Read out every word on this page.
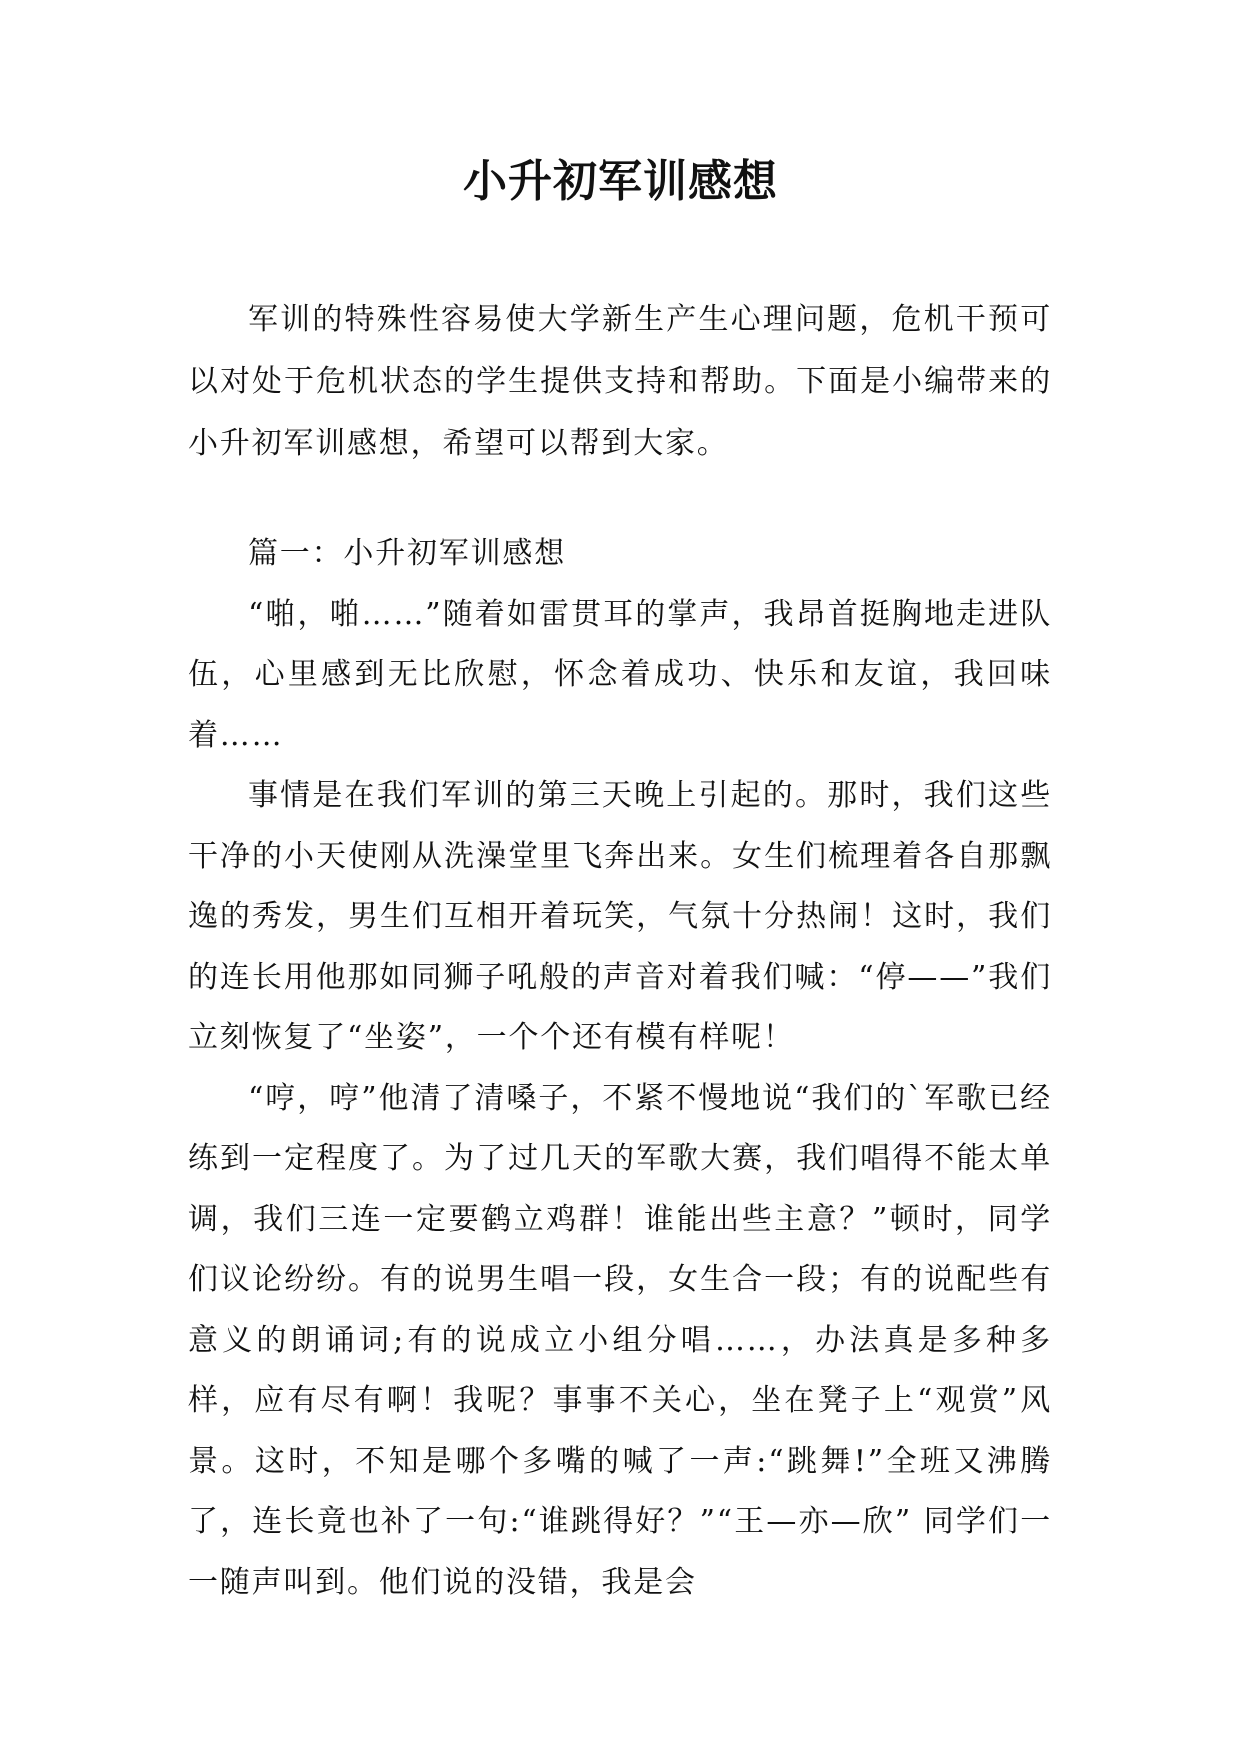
小升初军训感想

军训的特殊性容易使大学新生产生心理问题，危机干预可以对处于危机状态的学生提供支持和帮助。下面是小编带来的小升初军训感想，希望可以帮到大家。

篇一：小升初军训感想

“啪，啪……”随着如雷贯耳的掌声，我昂首挺胸地走进队伍，心里感到无比欣慰，怀念着成功、快乐和友谊，我回味着……

事情是在我们军训的第三天晚上引起的。那时，我们这些干净的小天使刚从洗澡堂里飞奔出来。女生们梳理着各自那飘逸的秀发，男生们互相开着玩笑，气氛十分热闹！这时，我们的连长用他那如同狮子吼般的声音对着我们喊：“停——”我们立刻恢复了“坐姿”，一个个还有模有样呢！

“哼，哼”他清了清嗓子，不紧不慢地说“我们的`军歌已经练到一定程度了。为了过几天的军歌大赛，我们唱得不能太单调，我们三连一定要鹤立鸡群！谁能出些主意？”顿时，同学们议论纷纷。有的说男生唱一段，女生合一段；有的说配些有意义的朗诵词;有的说成立小组分唱……，办法真是多种多样，应有尽有啊！我呢？事事不关心，坐在凳子上“观赏”风景。这时，不知是哪个多嘴的喊了一声:“跳舞!”全班又沸腾了，连长竟也补了一句:“谁跳得好？”“王—亦—欣” 同学们一一随声叫到。他们说的没错，我是会
